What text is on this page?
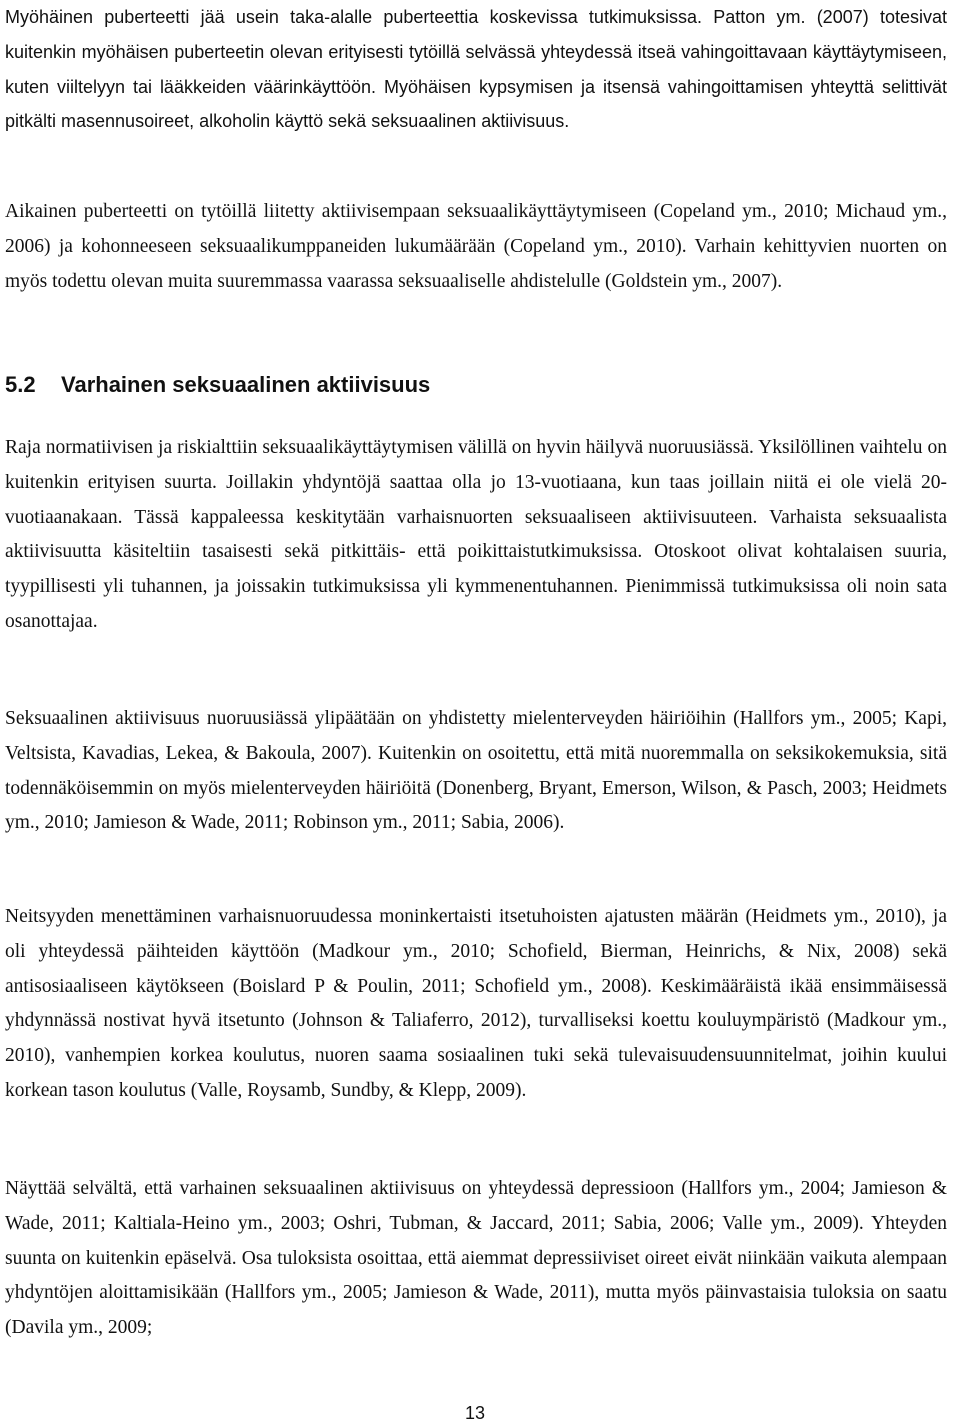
Myöhäinen puberteetti jää usein taka-alalle puberteettia koskevissa tutkimuksissa. Patton ym. (2007) totesivat kuitenkin myöhäisen puberteetin olevan erityisesti tytöillä selvässä yhteydessä itseä vahingoittavaan käyttäytymiseen, kuten viiltelyyn tai lääkkeiden väärinkäyttöön. Myöhäisen kypsymisen ja itsensä vahingoittamisen yhteyttä selittivät pitkälti masennusoireet, alkoholin käyttö sekä seksuaalinen aktiivisuus.

Aikainen puberteetti on tytöillä liitetty aktiivisempaan seksuaalikäyttäytymiseen (Copeland ym., 2010; Michaud ym., 2006) ja kohonneeseen seksuaalikumppaneiden lukumäärään (Copeland ym., 2010). Varhain kehittyvien nuorten on myös todettu olevan muita suuremmassa vaarassa seksuaaliselle ahdistelulle (Goldstein ym., 2007).

5.2 Varhainen seksuaalinen aktiivisuus

Raja normatiivisen ja riskialttiin seksuaalikäyttäytymisen välillä on hyvin häilyvä nuoruusiässä. Yksilöllinen vaihtelu on kuitenkin erityisen suurta. Joillakin yhdyntöjä saattaa olla jo 13-vuotiaana, kun taas joillain niitä ei ole vielä 20-vuotiaanakaan. Tässä kappaleessa keskitytään varhaisnuorten seksuaaliseen aktiivisuuteen. Varhaista seksuaalista aktiivisuutta käsiteltiin tasaisesti sekä pitkittäis- että poikittaistutkimuksissa. Otoskoot olivat kohtalaisen suuria, tyypillisesti yli tuhannen, ja joissakin tutkimuksissa yli kymmenentuhannen. Pienimmissä tutkimuksissa oli noin sata osanottajaa.

Seksuaalinen aktiivisuus nuoruusiässä ylipäätään on yhdistetty mielenterveyden häiriöihin (Hallfors ym., 2005; Kapi, Veltsista, Kavadias, Lekea, & Bakoula, 2007). Kuitenkin on osoitettu, että mitä nuoremmalla on seksikokemuksia, sitä todennäköisemmin on myös mielenterveyden häiriöitä (Donenberg, Bryant, Emerson, Wilson, & Pasch, 2003; Heidmets ym., 2010; Jamieson & Wade, 2011; Robinson ym., 2011; Sabia, 2006).

Neitsyyden menettäminen varhaisnuoruudessa moninkertaisti itsetuhoisten ajatusten määrän (Heidmets ym., 2010), ja oli yhteydessä päihteiden käyttöön (Madkour ym., 2010; Schofield, Bierman, Heinrichs, & Nix, 2008) sekä antisosiaaliseen käytökseen (Boislard P & Poulin, 2011; Schofield ym., 2008). Keskimääräistä ikää ensimmäisessä yhdynnässä nostivat hyvä itsetunto (Johnson & Taliaferro, 2012), turvalliseksi koettu kouluympäristö (Madkour ym., 2010), vanhempien korkea koulutus, nuoren saama sosiaalinen tuki sekä tulevaisuudensuunnitelmat, joihin kuului korkean tason koulutus (Valle, Roysamb, Sundby, & Klepp, 2009).

Näyttää selvältä, että varhainen seksuaalinen aktiivisuus on yhteydessä depressioon (Hallfors ym., 2004; Jamieson & Wade, 2011; Kaltiala-Heino ym., 2003; Oshri, Tubman, & Jaccard, 2011; Sabia, 2006; Valle ym., 2009). Yhteyden suunta on kuitenkin epäselvä. Osa tuloksista osoittaa, että aiemmat depressiiviset oireet eivät niinkään vaikuta alempaan yhdyntöjen aloittamisikään (Hallfors ym., 2005; Jamieson & Wade, 2011), mutta myös päinvastaisia tuloksia on saatu (Davila ym., 2009;

13
